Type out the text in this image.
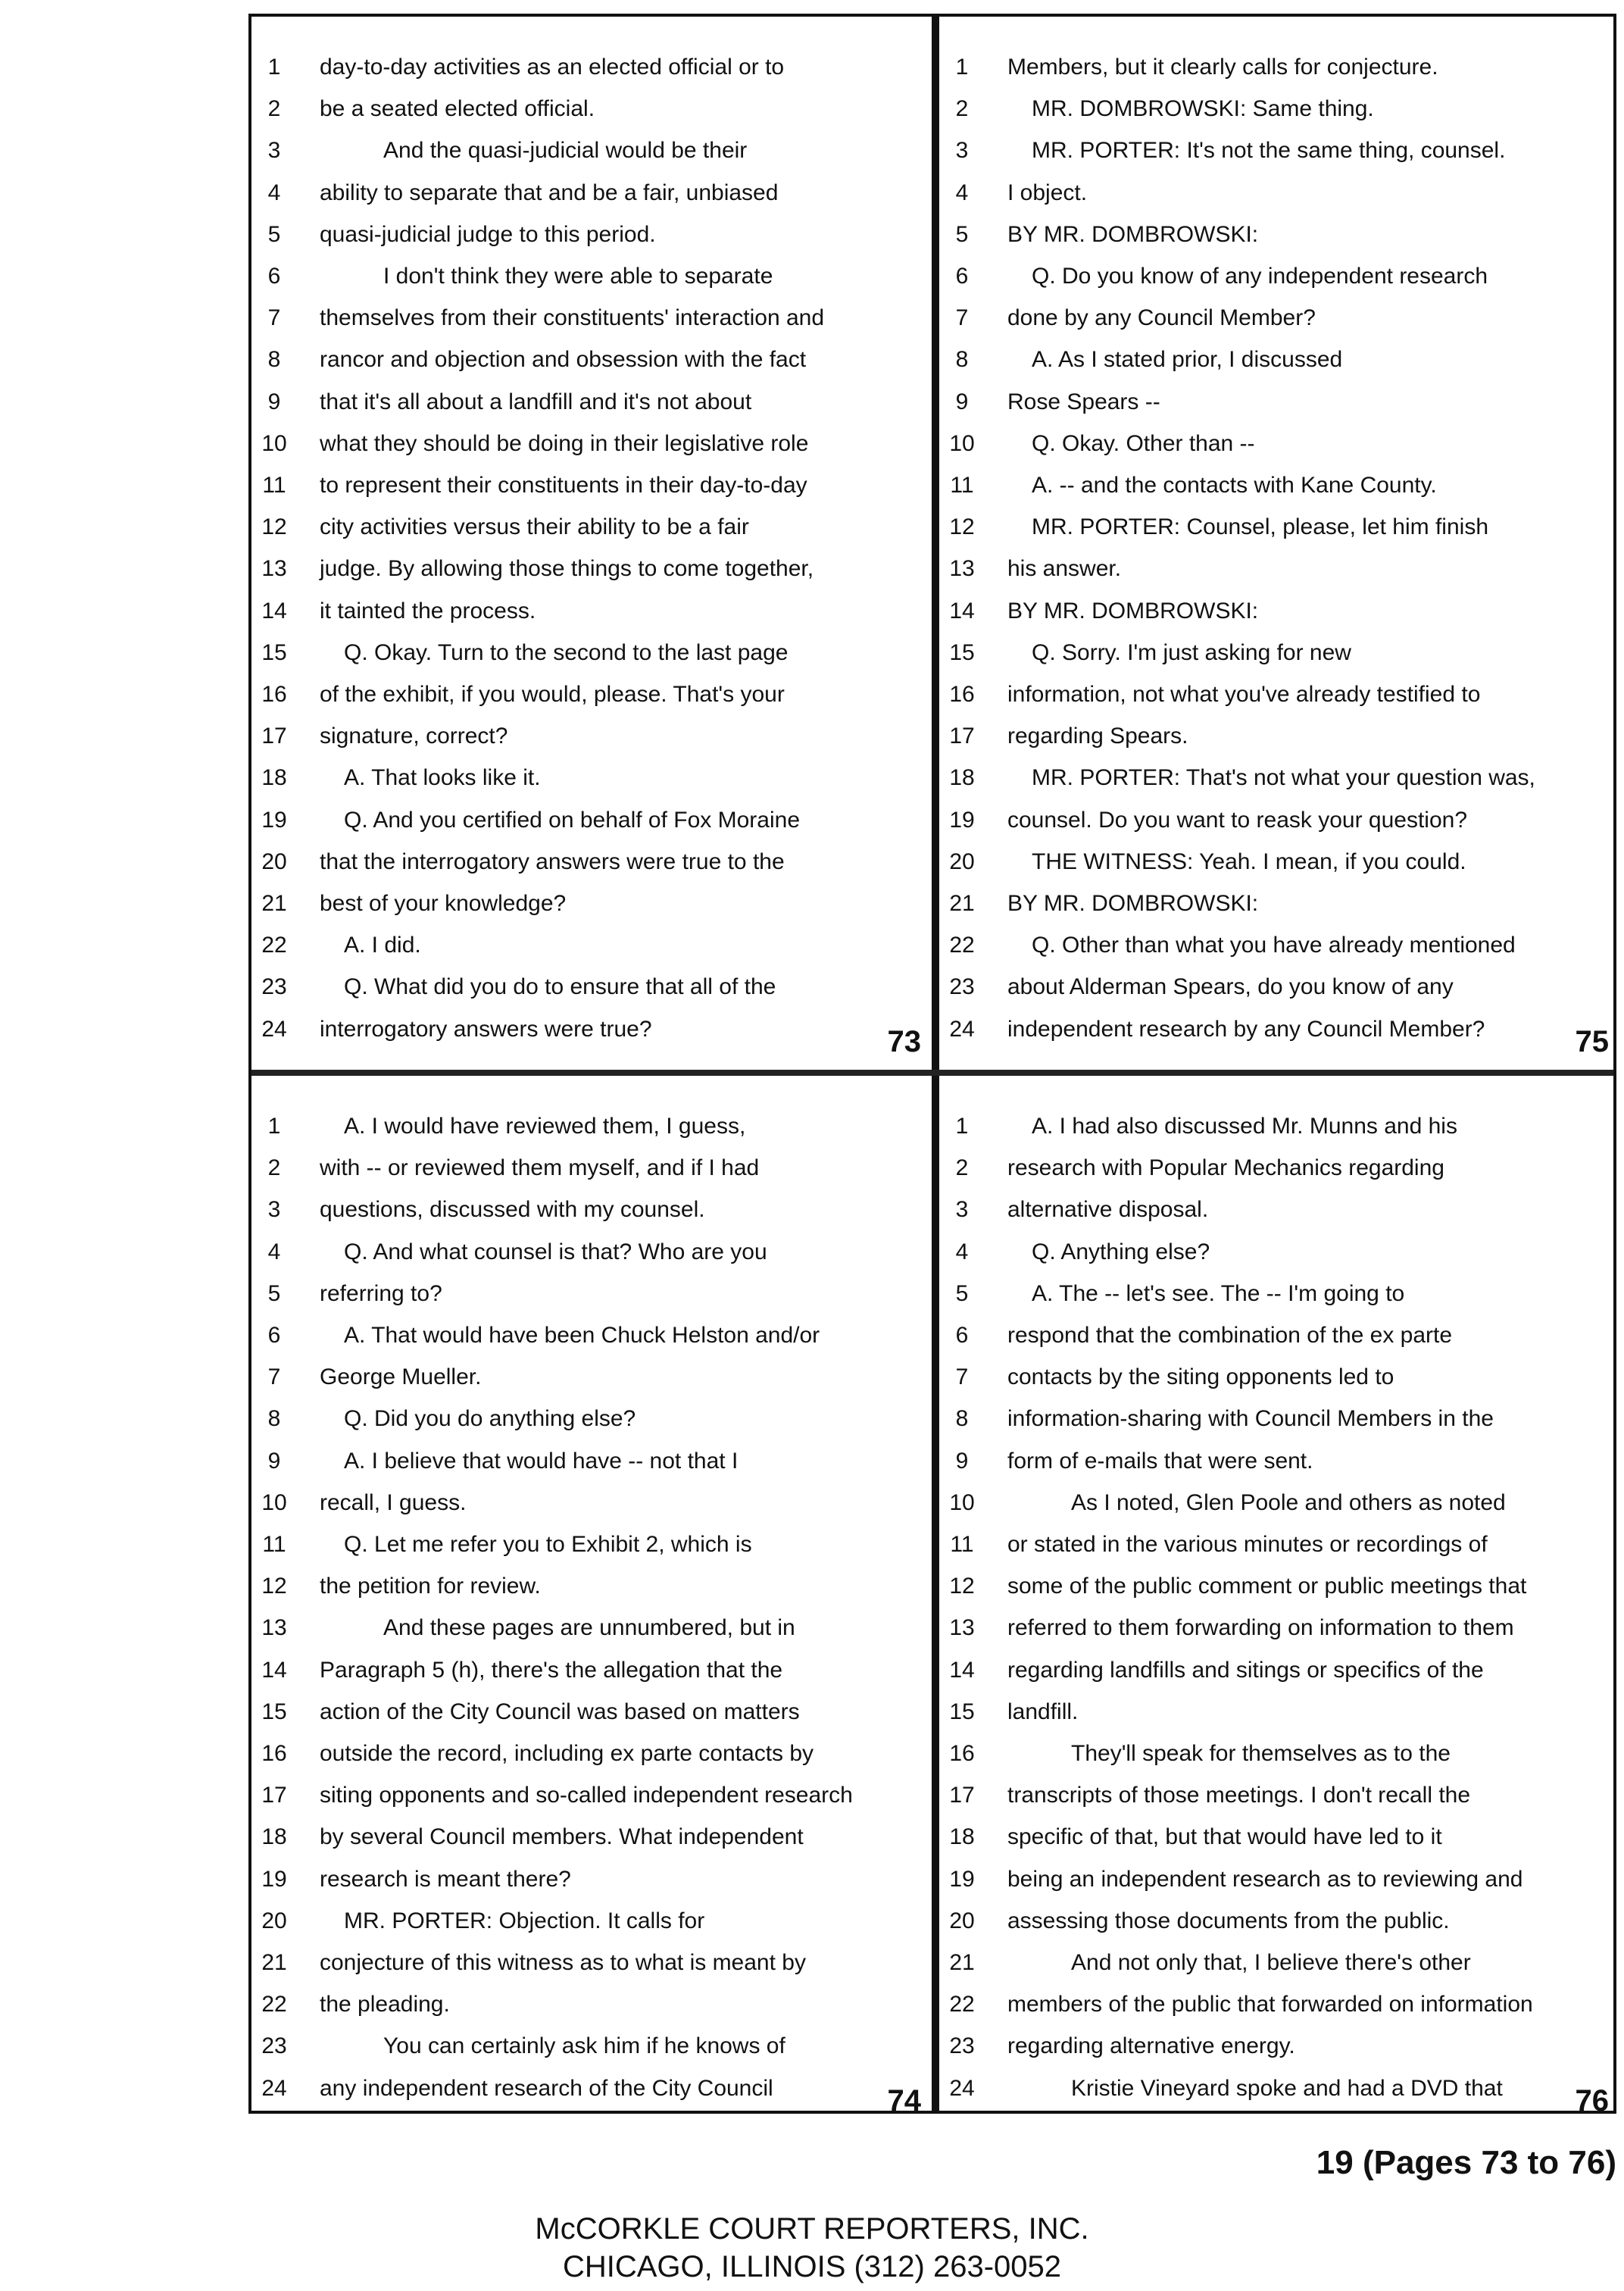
1	day-to-day activities as an elected official or to
2	be a seated elected official.
3	And the quasi-judicial would be their
4	ability to separate that and be a fair, unbiased
5	quasi-judicial judge to this period.
6	I don't think they were able to separate
7	themselves from their constituents' interaction and
8	rancor and objection and obsession with the fact
9	that it's all about a landfill and it's not about
10	what they should be doing in their legislative role
11	to represent their constituents in their day-to-day
12	city activities versus their ability to be a fair
13	judge. By allowing those things to come together,
14	it tainted the process.
15	Q. Okay. Turn to the second to the last page
16	of the exhibit, if you would, please. That's your
17	signature, correct?
18	A. That looks like it.
19	Q. And you certified on behalf of Fox Moraine
20	that the interrogatory answers were true to the
21	best of your knowledge?
22	A. I did.
23	Q. What did you do to ensure that all of the
24	interrogatory answers were true?	73
1	Members, but it clearly calls for conjecture.
2	MR. DOMBROWSKI: Same thing.
3	MR. PORTER: It's not the same thing, counsel.
4	I object.
5	BY MR. DOMBROWSKI:
6	Q. Do you know of any independent research
7	done by any Council Member?
8	A. As I stated prior, I discussed
9	Rose Spears --
10	Q. Okay. Other than --
11	A. -- and the contacts with Kane County.
12	MR. PORTER: Counsel, please, let him finish
13	his answer.
14	BY MR. DOMBROWSKI:
15	Q. Sorry. I'm just asking for new
16	information, not what you've already testified to
17	regarding Spears.
18	MR. PORTER: That's not what your question was,
19	counsel. Do you want to reask your question?
20	THE WITNESS: Yeah. I mean, if you could.
21	BY MR. DOMBROWSKI:
22	Q. Other than what you have already mentioned
23	about Alderman Spears, do you know of any
24	independent research by any Council Member?	75
1	A. I would have reviewed them, I guess,
2	with -- or reviewed them myself, and if I had
3	questions, discussed with my counsel.
4	Q. And what counsel is that? Who are you
5	referring to?
6	A. That would have been Chuck Helston and/or
7	George Mueller.
8	Q. Did you do anything else?
9	A. I believe that would have -- not that I
10	recall, I guess.
11	Q. Let me refer you to Exhibit 2, which is
12	the petition for review.
13	And these pages are unnumbered, but in
14	Paragraph 5 (h), there's the allegation that the
15	action of the City Council was based on matters
16	outside the record, including ex parte contacts by
17	siting opponents and so-called independent research
18	by several Council members. What independent
19	research is meant there?
20	MR. PORTER: Objection. It calls for
21	conjecture of this witness as to what is meant by
22	the pleading.
23	You can certainly ask him if he knows of
24	any independent research of the City Council	74
1	A. I had also discussed Mr. Munns and his
2	research with Popular Mechanics regarding
3	alternative disposal.
4	Q. Anything else?
5	A. The -- let's see. The -- I'm going to
6	respond that the combination of the ex parte
7	contacts by the siting opponents led to
8	information-sharing with Council Members in the
9	form of e-mails that were sent.
10	As I noted, Glen Poole and others as noted
11	or stated in the various minutes or recordings of
12	some of the public comment or public meetings that
13	referred to them forwarding on information to them
14	regarding landfills and sitings or specifics of the
15	landfill.
16	They'll speak for themselves as to the
17	transcripts of those meetings. I don't recall the
18	specific of that, but that would have led to it
19	being an independent research as to reviewing and
20	assessing those documents from the public.
21	And not only that, I believe there's other
22	members of the public that forwarded on information
23	regarding alternative energy.
24	Kristie Vineyard spoke and had a DVD that	76
19 (Pages 73 to 76)
McCORKLE COURT REPORTERS, INC.
CHICAGO, ILLINOIS (312) 263-0052
